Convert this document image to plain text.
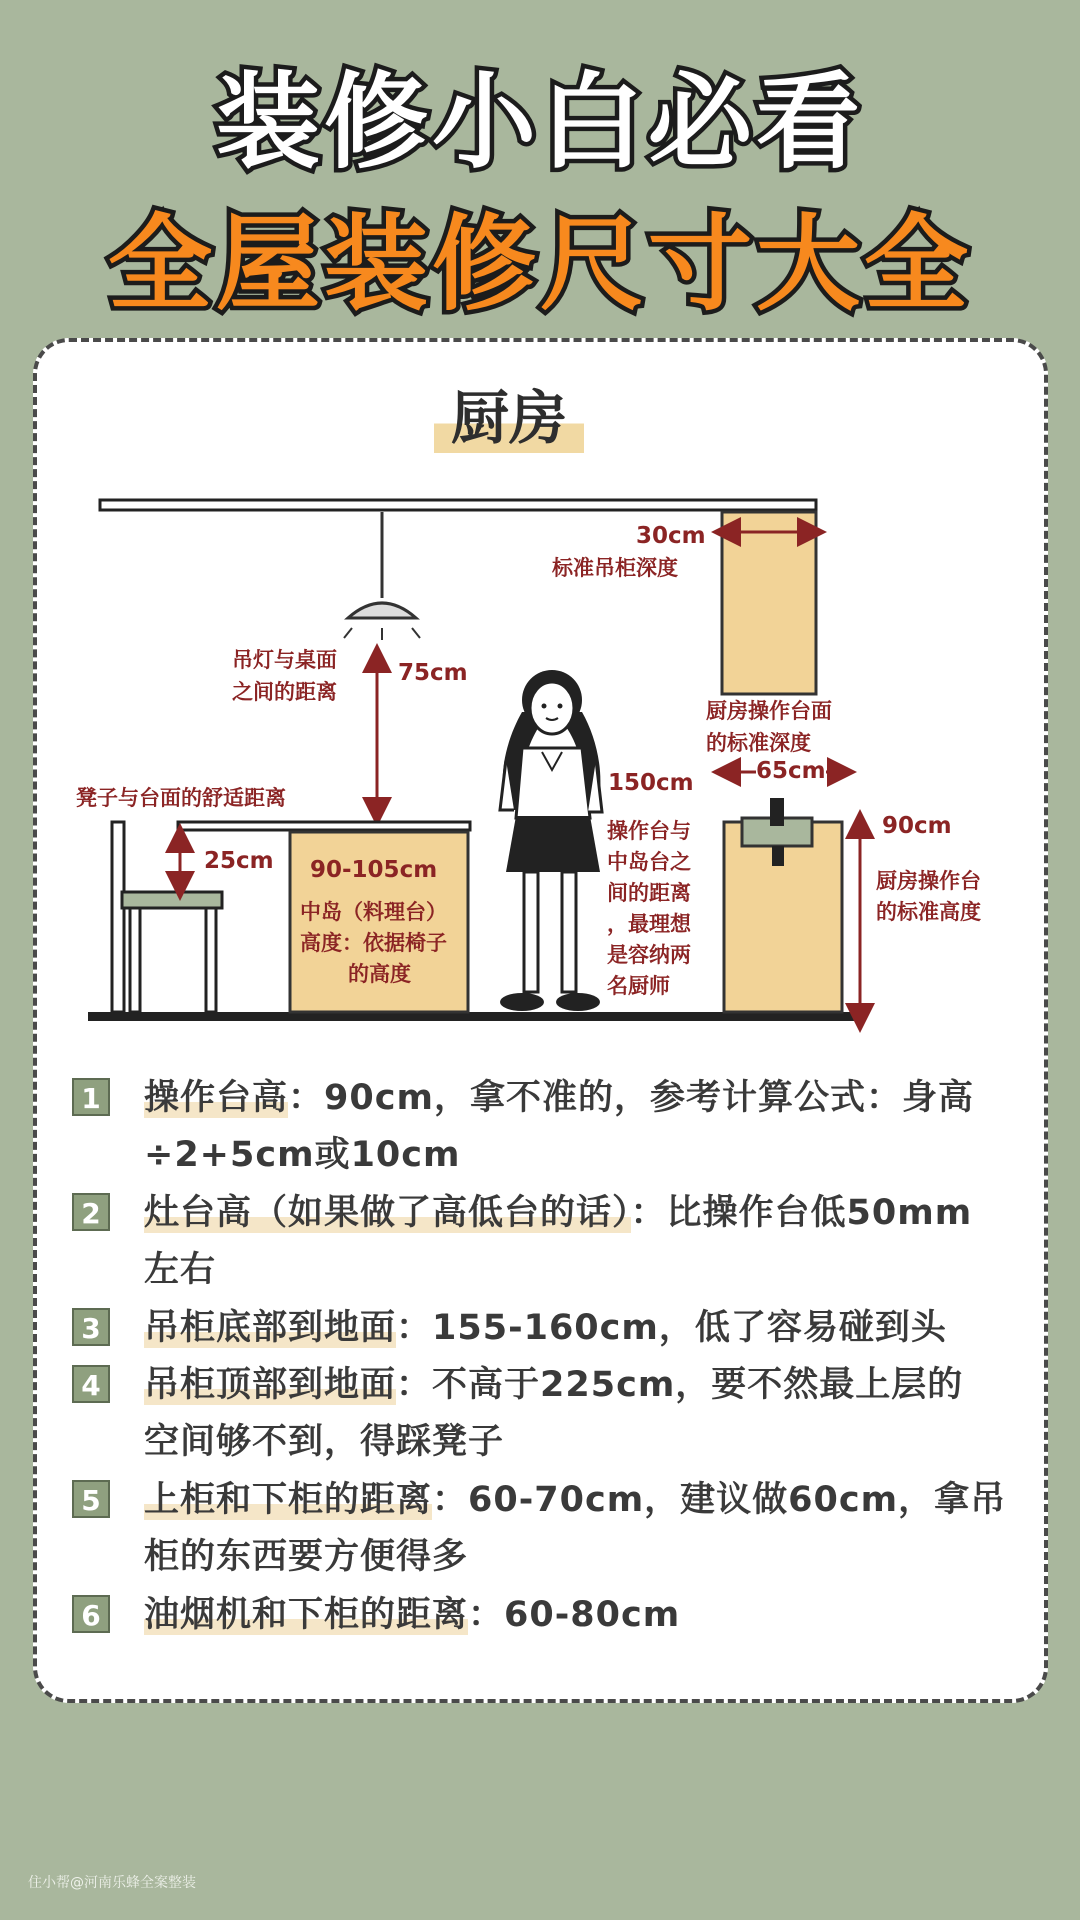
装修小白必看
全屋装修尺寸大全
厨房
30cm
标准吊柜深度
吊灯与桌面
之间的距离
75cm
厨房操作台面
的标准深度
65cm
150cm
操作台与
中岛台之
间的距离
，最理想
是容纳两
名厨师
凳子与台面的舒适距离
25cm 90-105cm
中岛（料理台）
高度：依据椅子
的高度
90cm
厨房操作台
的标准高度
1 操作台高：90cm，拿不准的，参考计算公式：身高
÷2+5cm或10cm
2 灶台高（如果做了高低台的话）：比操作台低50mm
左右
3 吊柜底部到地面：155-160cm，低了容易碰到头
4 吊柜顶部到地面：不高于225cm，要不然最上层的
空间够不到，得踩凳子
5 上柜和下柜的距离：60-70cm，建议做60cm，拿吊
柜的东西要方便得多
6 油烟机和下柜的距离：60-80cm
住小帮@河南乐蜂全案整装
